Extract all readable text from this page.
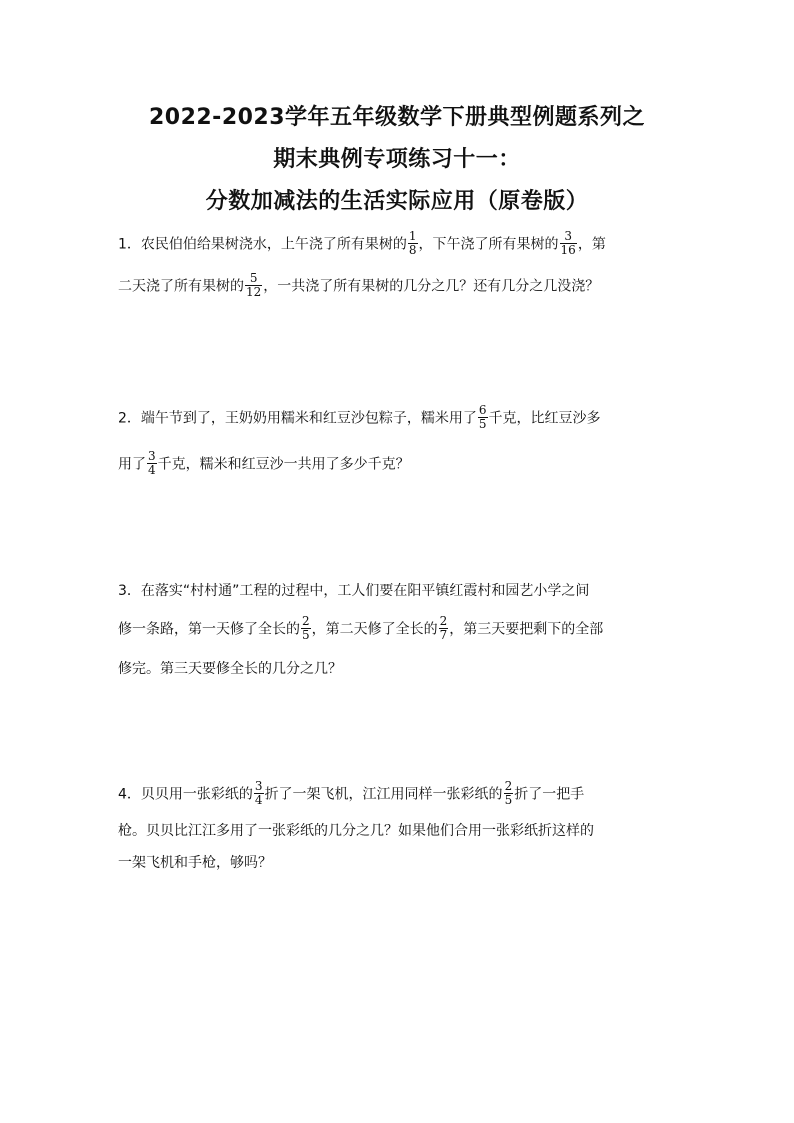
2022-2023学年五年级数学下册典型例题系列之
期末典例专项练习十一：
分数加减法的生活实际应用（原卷版）
1．农民伯伯给果树浇水，上午浇了所有果树的 $\frac{1}{8}$ ，下午浇了所有果树的 $\frac{3}{16}$ ，第
二天浇了所有果树的 $\frac{5}{12}$ ，一共浇了所有果树的几分之几？还有几分之几没浇？
2．端午节到了，王奶奶用糯米和红豆沙包粽子，糯米用了 $\frac{6}{5}$ 千克，比红豆沙多
用了 $\frac{3}{4}$ 千克，糯米和红豆沙一共用了多少千克？
3．在落实“村村通”工程的过程中，工人们要在阳平镇红霞村和园艺小学之间
修一条路，第一天修了全长的 $\frac{2}{5}$ ，第二天修了全长的 $\frac{2}{7}$ ，第三天要把剩下的全部
修完。第三天要修全长的几分之几？
4．贝贝用一张彩纸的 $\frac{3}{4}$ 折了一架飞机，江江用同样一张彩纸的 $\frac{2}{5}$ 折了一把手
枪。贝贝比江江多用了一张彩纸的几分之几？如果他们合用一张彩纸折这样的
一架飞机和手枪，够吗？
